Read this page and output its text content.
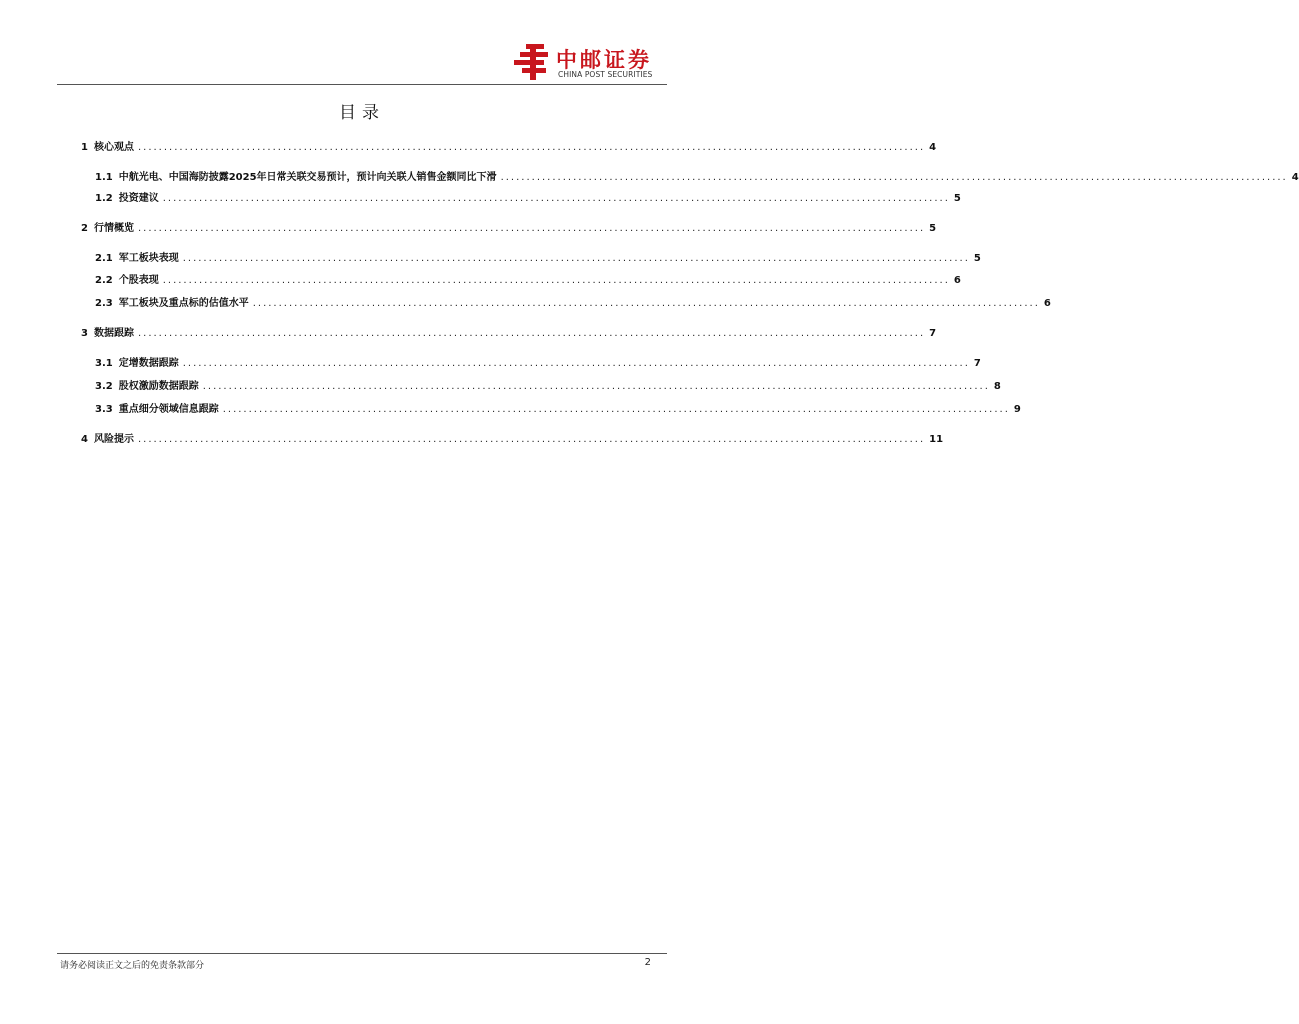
中邮证券
CHINA POST SECURITIES
目录
1 核心观点 ........................................................................................................................................................ 4
1.1 中航光电、中国海防披露2025年日常关联交易预计，预计向关联人销售金额同比下滑 ........................................................................................................................................................ 4
1.2 投资建议 ........................................................................................................................................................ 5
2 行情概览 ........................................................................................................................................................ 5
2.1 军工板块表现 ........................................................................................................................................................ 5
2.2 个股表现 ........................................................................................................................................................ 6
2.3 军工板块及重点标的估值水平 ........................................................................................................................................................ 6
3 数据跟踪 ........................................................................................................................................................ 7
3.1 定增数据跟踪 ........................................................................................................................................................ 7
3.2 股权激励数据跟踪 ........................................................................................................................................................ 8
3.3 重点细分领域信息跟踪 ........................................................................................................................................................ 9
4 风险提示 ........................................................................................................................................................ 11
请务必阅读正文之后的免责条款部分	2
